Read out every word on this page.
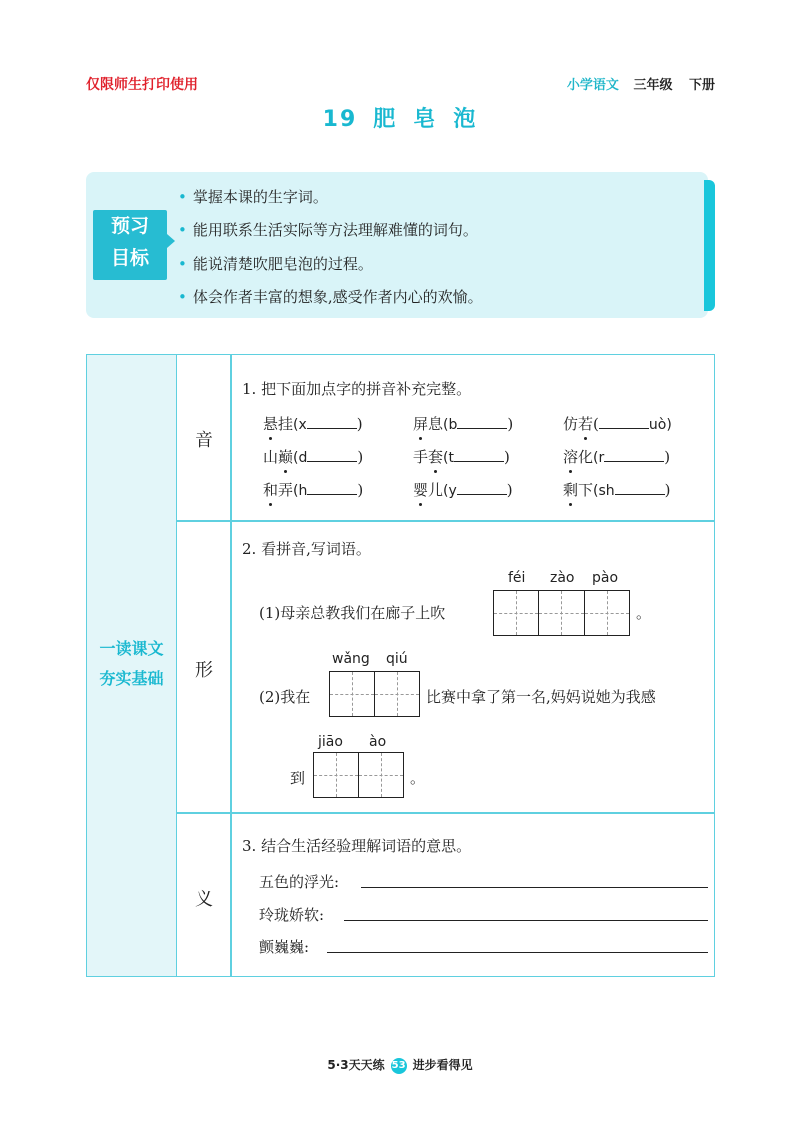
仅限师生打印使用	小学语文 三年级 下册
19 肥 皂 泡
预习
目标
• 掌握本课的生字词。
• 能用联系生活实际等方法理解难懂的词句。
• 能说清楚吹肥皂泡的过程。
• 体会作者丰富的想象,感受作者内心的欢愉。
一读课文
夯实基础
音
形
义
1. 把下面加点字的拼音补充完整。
悬挂(x	)	屏息(b	)	仿若(	uò)
山巅(d	)	手套(t	)	溶化(r	)
和弄(h	)	婴儿(y	)	剩下(sh	)
2. 看拼音,写词语。
féi zào pào
(1)母亲总教我们在廊子上吹	。
wǎng qiú
(2)我在	比赛中拿了第一名,妈妈说她为我感
jiāo ào
到	。
3. 结合生活经验理解词语的意思。
五色的浮光:
玲珑娇软:
颤巍巍:
5·3天天练 53 进步看得见
